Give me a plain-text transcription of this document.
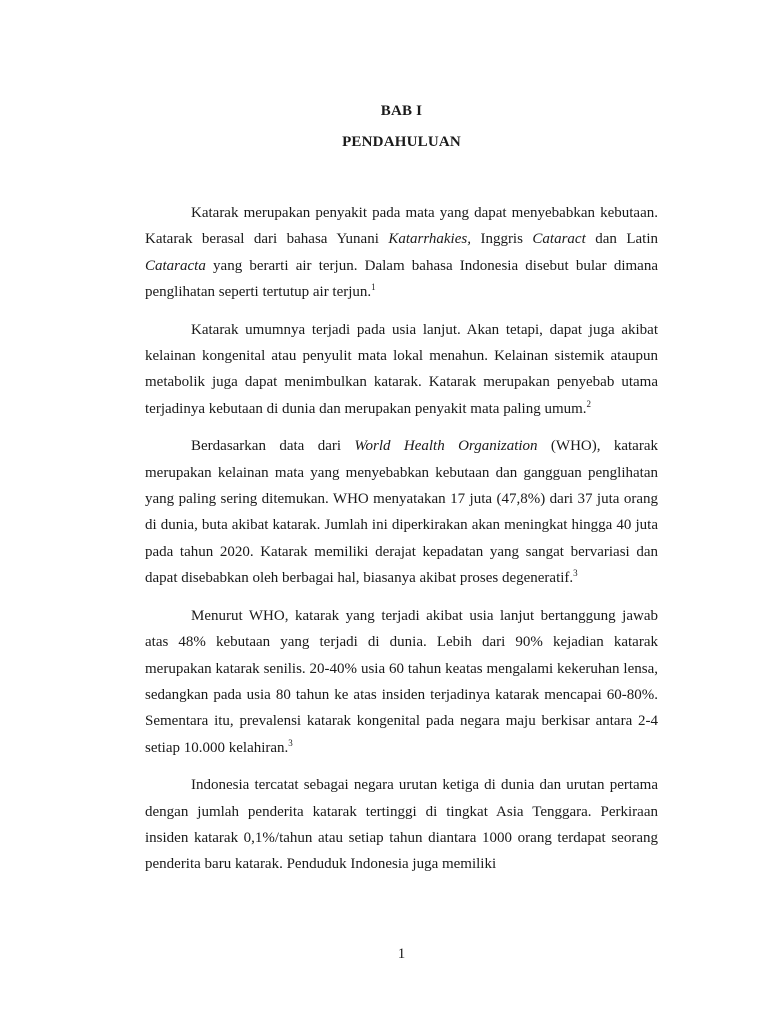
BAB I
PENDAHULUAN

Katarak merupakan penyakit pada mata yang dapat menyebabkan kebutaan. Katarak berasal dari bahasa Yunani Katarrhakies, Inggris Cataract dan Latin Cataracta yang berarti air terjun. Dalam bahasa Indonesia disebut bular dimana penglihatan seperti tertutup air terjun.$^1$

Katarak umumnya terjadi pada usia lanjut. Akan tetapi, dapat juga akibat kelainan kongenital atau penyulit mata lokal menahun. Kelainan sistemik ataupun metabolik juga dapat menimbulkan katarak. Katarak merupakan penyebab utama terjadinya kebutaan di dunia dan merupakan penyakit mata paling umum.$^2$

Berdasarkan data dari World Health Organization (WHO), katarak merupakan kelainan mata yang menyebabkan kebutaan dan gangguan penglihatan yang paling sering ditemukan. WHO menyatakan 17 juta (47,8%) dari 37 juta orang di dunia, buta akibat katarak. Jumlah ini diperkirakan akan meningkat hingga 40 juta pada tahun 2020. Katarak memiliki derajat kepadatan yang sangat bervariasi dan dapat disebabkan oleh berbagai hal, biasanya akibat proses degeneratif.$^3$

Menurut WHO, katarak yang terjadi akibat usia lanjut bertanggung jawab atas 48% kebutaan yang terjadi di dunia. Lebih dari 90% kejadian katarak merupakan katarak senilis. 20-40% usia 60 tahun keatas mengalami kekeruhan lensa, sedangkan pada usia 80 tahun ke atas insiden terjadinya katarak mencapai 60-80%. Sementara itu, prevalensi katarak kongenital pada negara maju berkisar antara 2-4 setiap 10.000 kelahiran.$^3$

Indonesia tercatat sebagai negara urutan ketiga di dunia dan urutan pertama dengan jumlah penderita katarak tertinggi di tingkat Asia Tenggara. Perkiraan insiden katarak 0,1%/tahun atau setiap tahun diantara 1000 orang terdapat seorang penderita baru katarak. Penduduk Indonesia juga memiliki

1
